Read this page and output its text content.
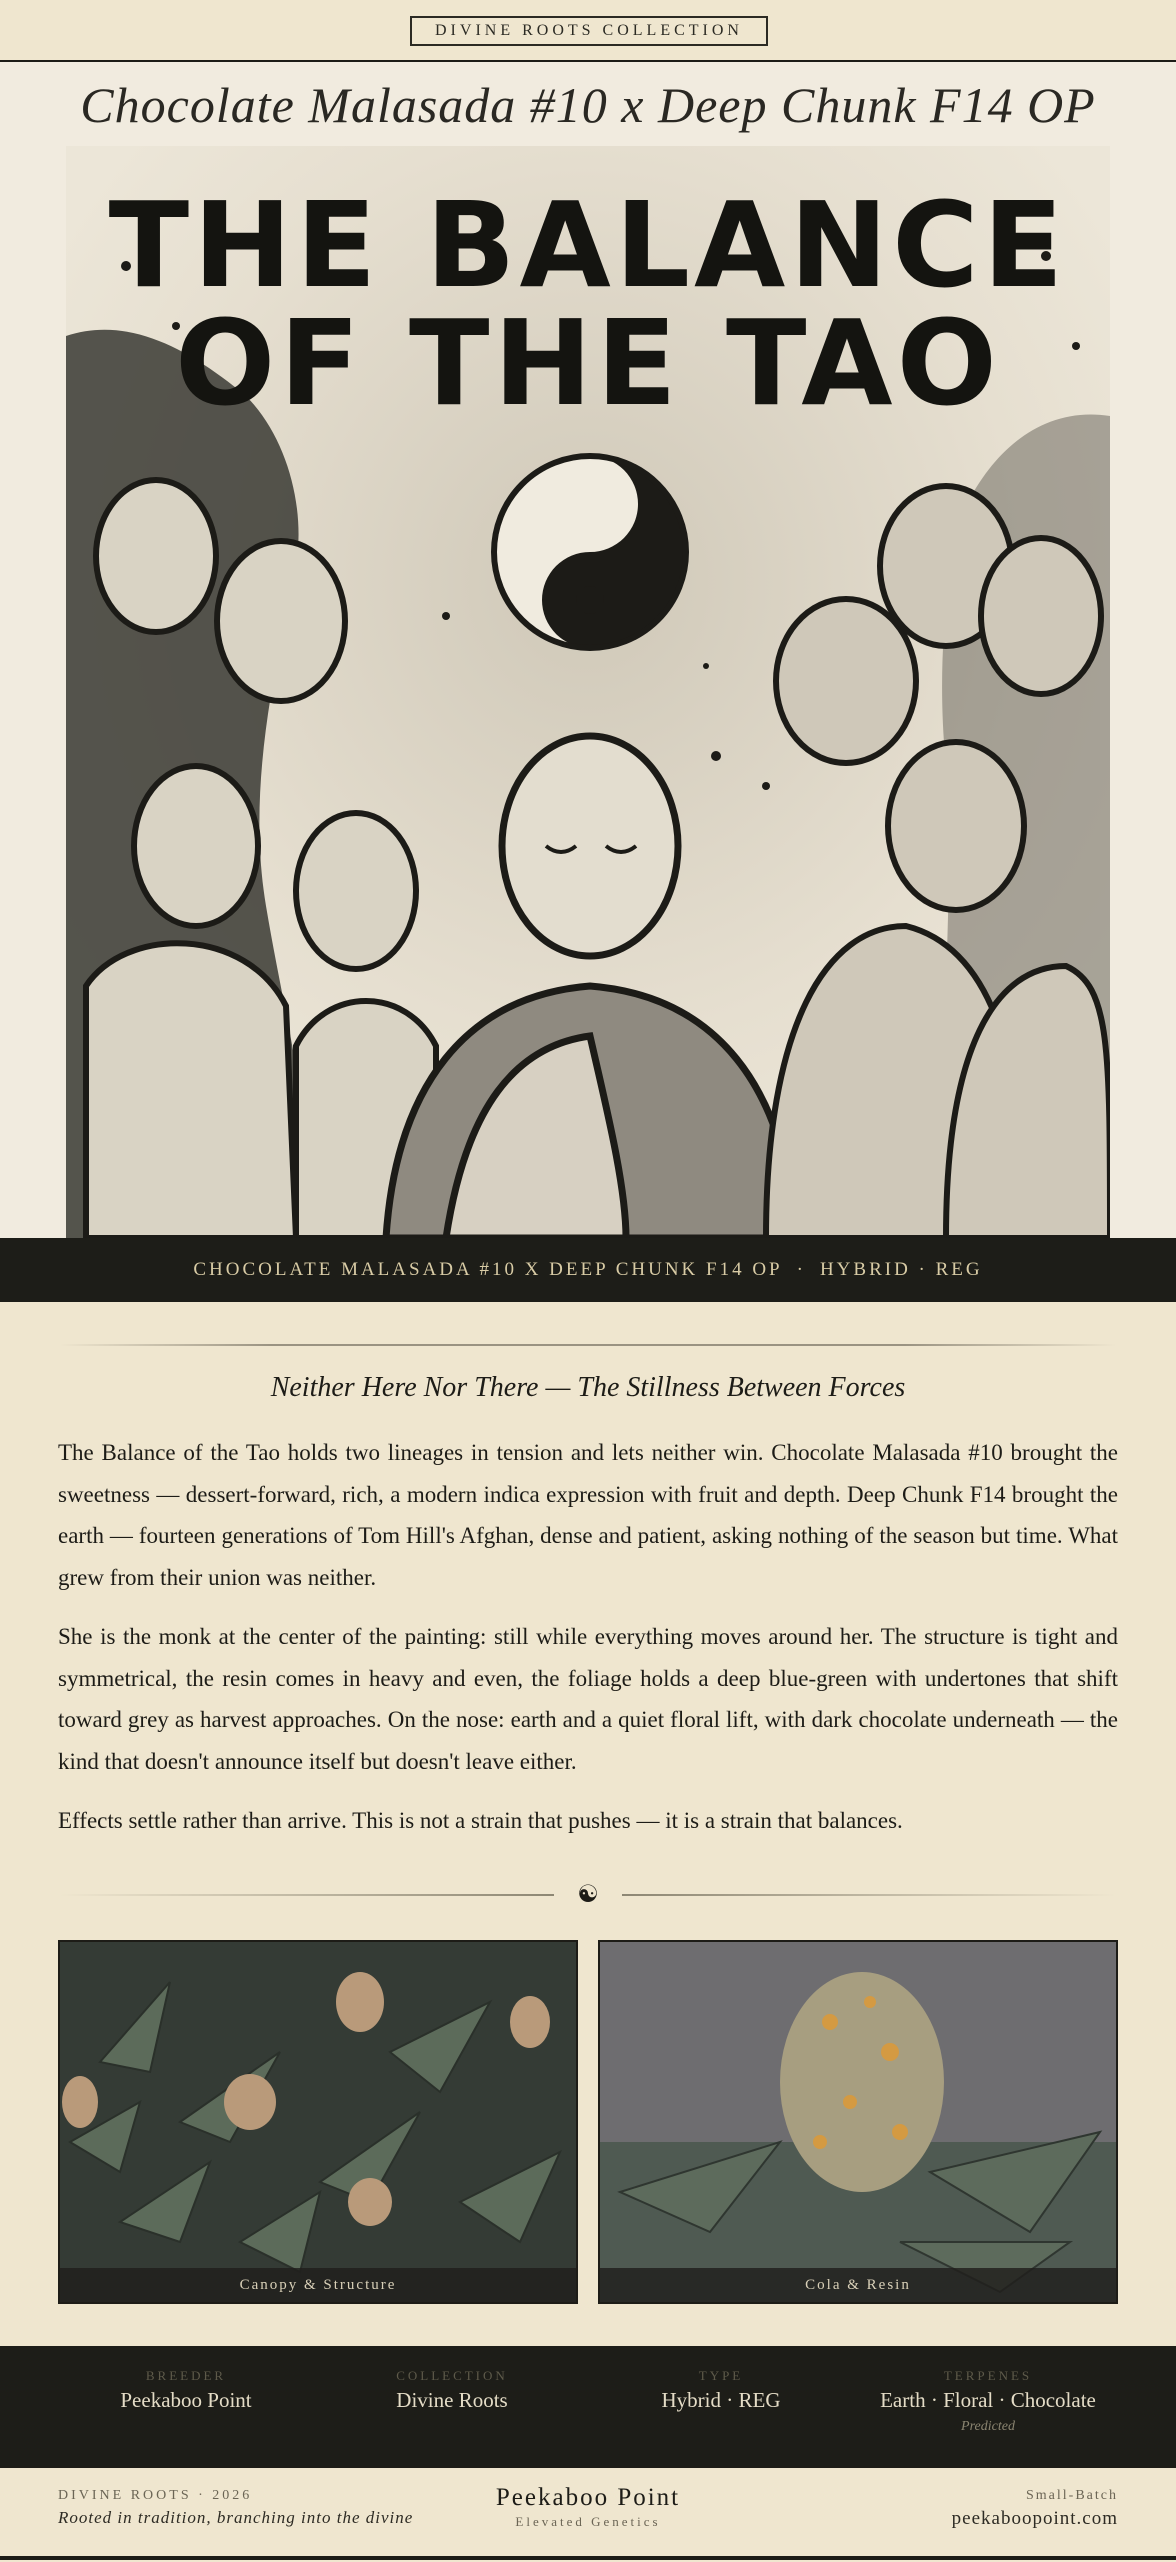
DIVINE ROOTS COLLECTION
Chocolate Malasada #10 x Deep Chunk F14 OP
THE BALANCE
OF THE TAO
CHOCOLATE MALASADA #10 X DEEP CHUNK F14 OP · HYBRID · REG
Neither Here Nor There — The Stillness Between Forces

The Balance of the Tao holds two lineages in tension and lets neither win. Chocolate Malasada #10 brought the sweetness — dessert-forward, rich, a modern indica expression with fruit and depth. Deep Chunk F14 brought the earth — fourteen generations of Tom Hill's Afghan, dense and patient, asking nothing of the season but time. What grew from their union was neither.

She is the monk at the center of the painting: still while everything moves around her. The structure is tight and symmetrical, the resin comes in heavy and even, the foliage holds a deep blue-green with undertones that shift toward grey as harvest approaches. On the nose: earth and a quiet floral lift, with dark chocolate underneath — the kind that doesn't announce itself but doesn't leave either.

Effects settle rather than arrive. This is not a strain that pushes — it is a strain that balances.

☯
Canopy & Structure	Cola & Resin
BREEDER
Peekaboo Point
COLLECTION
Divine Roots
TYPE
Hybrid · REG
TERPENES
Earth · Floral · Chocolate
Predicted
DIVINE ROOTS · 2026
Rooted in tradition, branching into the divine
Peekaboo Point
Elevated Genetics
Small-Batch
peekaboopoint.com
